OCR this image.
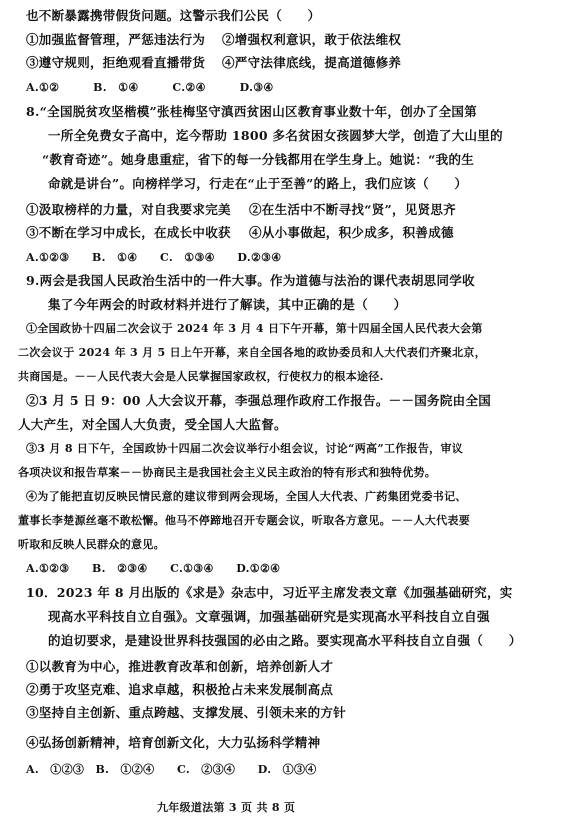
也不断暴露携带假货问题。这警示我们公民（　　）
①加强监督管理，严惩违法行为 ②增强权利意识，敢于依法维权
③遵守规则，拒绝观看直播带货 ④严守法律底线，提高道德修养
A.①②　　　B.　①④　　　C.②④　　　D.③④
8.“全国脱贫攻坚楷模”张桂梅坚守滇西贫困山区教育事业数十年，创办了全国第
一所全免费女子高中，迄今帮助 1800 多名贫困女孩圆梦大学，创造了大山里的
“教育奇迹”。她身患重症，省下的每一分钱都用在学生身上。她说：“我的生
命就是讲台”。向榜样学习，行走在“止于至善”的路上，我们应该（　　）
①汲取榜样的力量，对自我要求完美 ②在生活中不断寻找“贤”，见贤思齐
③不断在学习中成长，在成长中收获 ④从小事做起，积少成多，积善成德
A.①②③　　B.　①④　　C.　①③④　　D.②③④
9.两会是我国人民政治生活中的一件大事。作为道德与法治的课代表胡思同学收
集了今年两会的时政材料并进行了解读，其中正确的是（　　）
①全国政协十四届二次会议于 2024 年 3 月 4 日下午开幕，第十四届全国人民代表大会第
二次会议于 2024 年 3 月 5 日上午开幕，来自全国各地的政协委员和人大代表们齐聚北京，
共商国是。－－人民代表大会是人民掌握国家政权，行使权力的根本途径.
②3 月 5 日 9：00 人大会议开幕，李强总理作政府工作报告。－－国务院由全国
人大产生，对全国人大负责，受全国人大监督。
③3 月 8 日下午，全国政协十四届二次会议举行小组会议，讨论“两高”工作报告，审议
各项决议和报告草案－－协商民主是我国社会主义民主政治的特有形式和独特优势。
④为了能把直切反映民情民意的建议带到两会现场，全国人大代表、广药集团党委书记、
董事长李楚源丝毫不敢松懈。他马不停蹄地召开专题会议，听取各方意见。－－人大代表要
听取和反映人民群众的意见。
A.①②③　　B.　②③④　　C.①③④　　D.①②④
10．2023 年 8 月出版的《求是》杂志中，习近平主席发表文章《加强基础研究，实
现高水平科技自立自强》。文章强调，加强基础研究是实现高水平科技自立自强
的迫切要求，是建设世界科技强国的必由之路。要实现高水平科技自立自强（　　）
①以教育为中心，推进教育改革和创新，培养创新人才
②勇于攻坚克难、追求卓越，积极抢占未来发展制高点
③坚持自主创新、重点跨越、支撑发展、引领未来的方针
④弘扬创新精神，培育创新文化，大力弘扬科学精神
A.　①②③　B.　①②④　　C.　②③④　　D.　①③④
九年级道法第 3 页 共 8 页
